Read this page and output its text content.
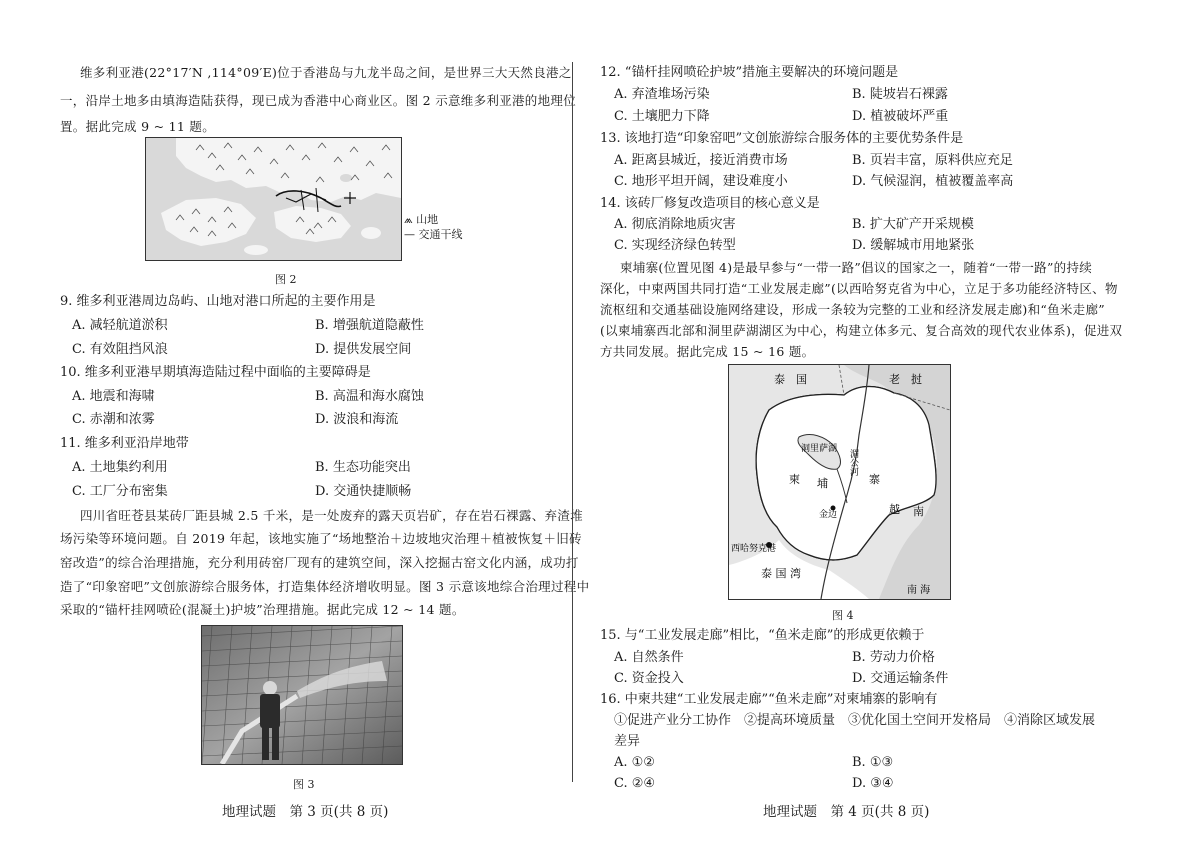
维多利亚港(22°17′N ,114°09′E)位于香港岛与九龙半岛之间，是世界三大天然良港之
一，沿岸土地多由填海造陆获得，现已成为香港中心商业区。图 2 示意维多利亚港的地理位
置。据此完成 9 ~ 11 题。
⩕ 山地
— 交通干线
图 2
9. 维多利亚港周边岛屿、山地对港口所起的主要作用是
A. 减轻航道淤积	B. 增强航道隐蔽性
C. 有效阻挡风浪	D. 提供发展空间
10. 维多利亚港早期填海造陆过程中面临的主要障碍是
A. 地震和海啸	B. 高温和海水腐蚀
C. 赤潮和浓雾	D. 波浪和海流
11. 维多利亚沿岸地带
A. 土地集约利用	B. 生态功能突出
C. 工厂分布密集	D. 交通快捷顺畅
四川省旺苍县某砖厂距县城 2.5 千米，是一处废弃的露天页岩矿，存在岩石裸露、弃渣堆
场污染等环境问题。自 2019 年起，该地实施了“场地整治＋边坡地灾治理＋植被恢复＋旧砖
窑改造”的综合治理措施，充分利用砖窑厂现有的建筑空间，深入挖掘古窑文化内涵，成功打
造了“印象窑吧”文创旅游综合服务体，打造集体经济增收明显。图 3 示意该地综合治理过程中
采取的“锚杆挂网喷砼(混凝土)护坡”治理措施。据此完成 12 ~ 14 题。
图 3
地理试题　第 3 页(共 8 页)
12. “锚杆挂网喷砼护坡”措施主要解决的环境问题是
A. 弃渣堆场污染	B. 陡坡岩石裸露
C. 土壤肥力下降	D. 植被破坏严重
13. 该地打造“印象窑吧”文创旅游综合服务体的主要优势条件是
A. 距离县城近，接近消费市场	B. 页岩丰富，原料供应充足
C. 地形平坦开阔，建设难度小	D. 气候湿润，植被覆盖率高
14. 该砖厂修复改造项目的核心意义是
A. 彻底消除地质灾害	B. 扩大矿产开采规模
C. 实现经济绿色转型	D. 缓解城市用地紧张
柬埔寨(位置见图 4)是最早参与“一带一路”倡议的国家之一，随着“一带一路”的持续
深化，中柬两国共同打造“工业发展走廊”(以西哈努克省为中心，立足于多功能经济特区、物
流枢纽和交通基础设施网络建设，形成一条较为完整的工业和经济发展走廊)和“鱼米走廊”
(以柬埔寨西北部和洞里萨湖湖区为中心，构建立体多元、复合高效的现代农业体系)，促进双
方共同发展。据此完成 15 ~ 16 题。
泰　国	老　挝
洞里萨湖 湄公河
柬 埔	寨
越 南
金边
西哈努克港
泰 国 湾
南 海
图 4
15. 与“工业发展走廊”相比，“鱼米走廊”的形成更依赖于
A. 自然条件	B. 劳动力价格
C. 资金投入	D. 交通运输条件
16. 中柬共建“工业发展走廊”“鱼米走廊”对柬埔寨的影响有
①促进产业分工协作　②提高环境质量　③优化国土空间开发格局　④消除区域发展
差异
A. ①②	B. ①③
C. ②④	D. ③④
地理试题　第 4 页(共 8 页)
